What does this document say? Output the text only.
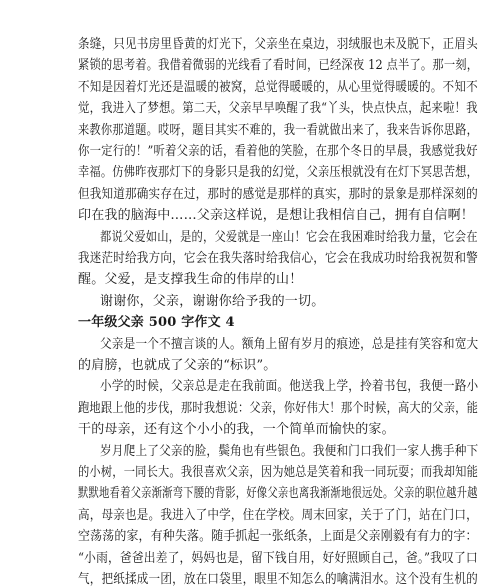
条缝，只见书房里昏黄的灯光下，父亲坐在桌边，羽绒服也未及脱下，正眉头
紧锁的思考着。我借着微弱的光线看了看时间，已经深夜 12 点半了。那一刻，
不知是因着灯光还是温暖的被窝，总觉得暖暖的，从心里觉得暖暖的。不知不
觉，我进入了梦想。第二天，父亲早早唤醒了我“丫头，快点快点，起来啦！我
来教你那道题。哎呀，题目其实不难的，我一看就做出来了，我来告诉你思路，
你一定行的！”听着父亲的话，看着他的笑脸，在那个冬日的早晨，我感觉我好
幸福。仿佛昨夜那灯下的身影只是我的幻觉，父亲压根就没有在灯下冥思苦想，
但我知道那确实存在过，那时的感觉是那样的真实，那时的景象是那样深刻的
印在我的脑海中……父亲这样说，是想让我相信自己，拥有自信啊！
都说父爱如山，是的，父爱就是一座山！它会在我困难时给我力量，它会在
我迷茫时给我方向，它会在我失落时给我信心，它会在我成功时给我祝贺和警
醒。父爱，是支撑我生命的伟岸的山！
谢谢你，父亲，谢谢你给予我的一切。
一年级父亲 500 字作文 4
父亲是一个不擅言谈的人。额角上留有岁月的痕迹，总是挂有笑容和宽大
的肩膀，也就成了父亲的“标识”。
小学的时候，父亲总是走在我前面。他送我上学，拎着书包，我便一路小
跑地跟上他的步伐，那时我想说：父亲，你好伟大！那个时候，高大的父亲，能
干的母亲，还有这个小小的我，一个简单而愉快的家。
岁月爬上了父亲的脸，鬓角也有些银色。我便和门口我们一家人携手种下
的小树，一同长大。我很喜欢父亲，因为她总是笑着和我一同玩耍；而我却知能
默默地看着父亲渐渐弯下腰的背影，好像父亲也离我渐渐地很远处。父亲的职位越升越
高，母亲也是。我进入了中学，住在学校。周末回家，关于了门，站在门口，
空荡荡的家，有种失落。随手抓起一张纸条，上面是父亲刚毅有有力的字：
“小雨，爸爸出差了，妈妈也是，留下钱自用，好好照顾自己，爸。”我叹了口
气，把纸揉成一团，放在口袋里，眼里不知怎么的噙满泪水。这个没有生机的
